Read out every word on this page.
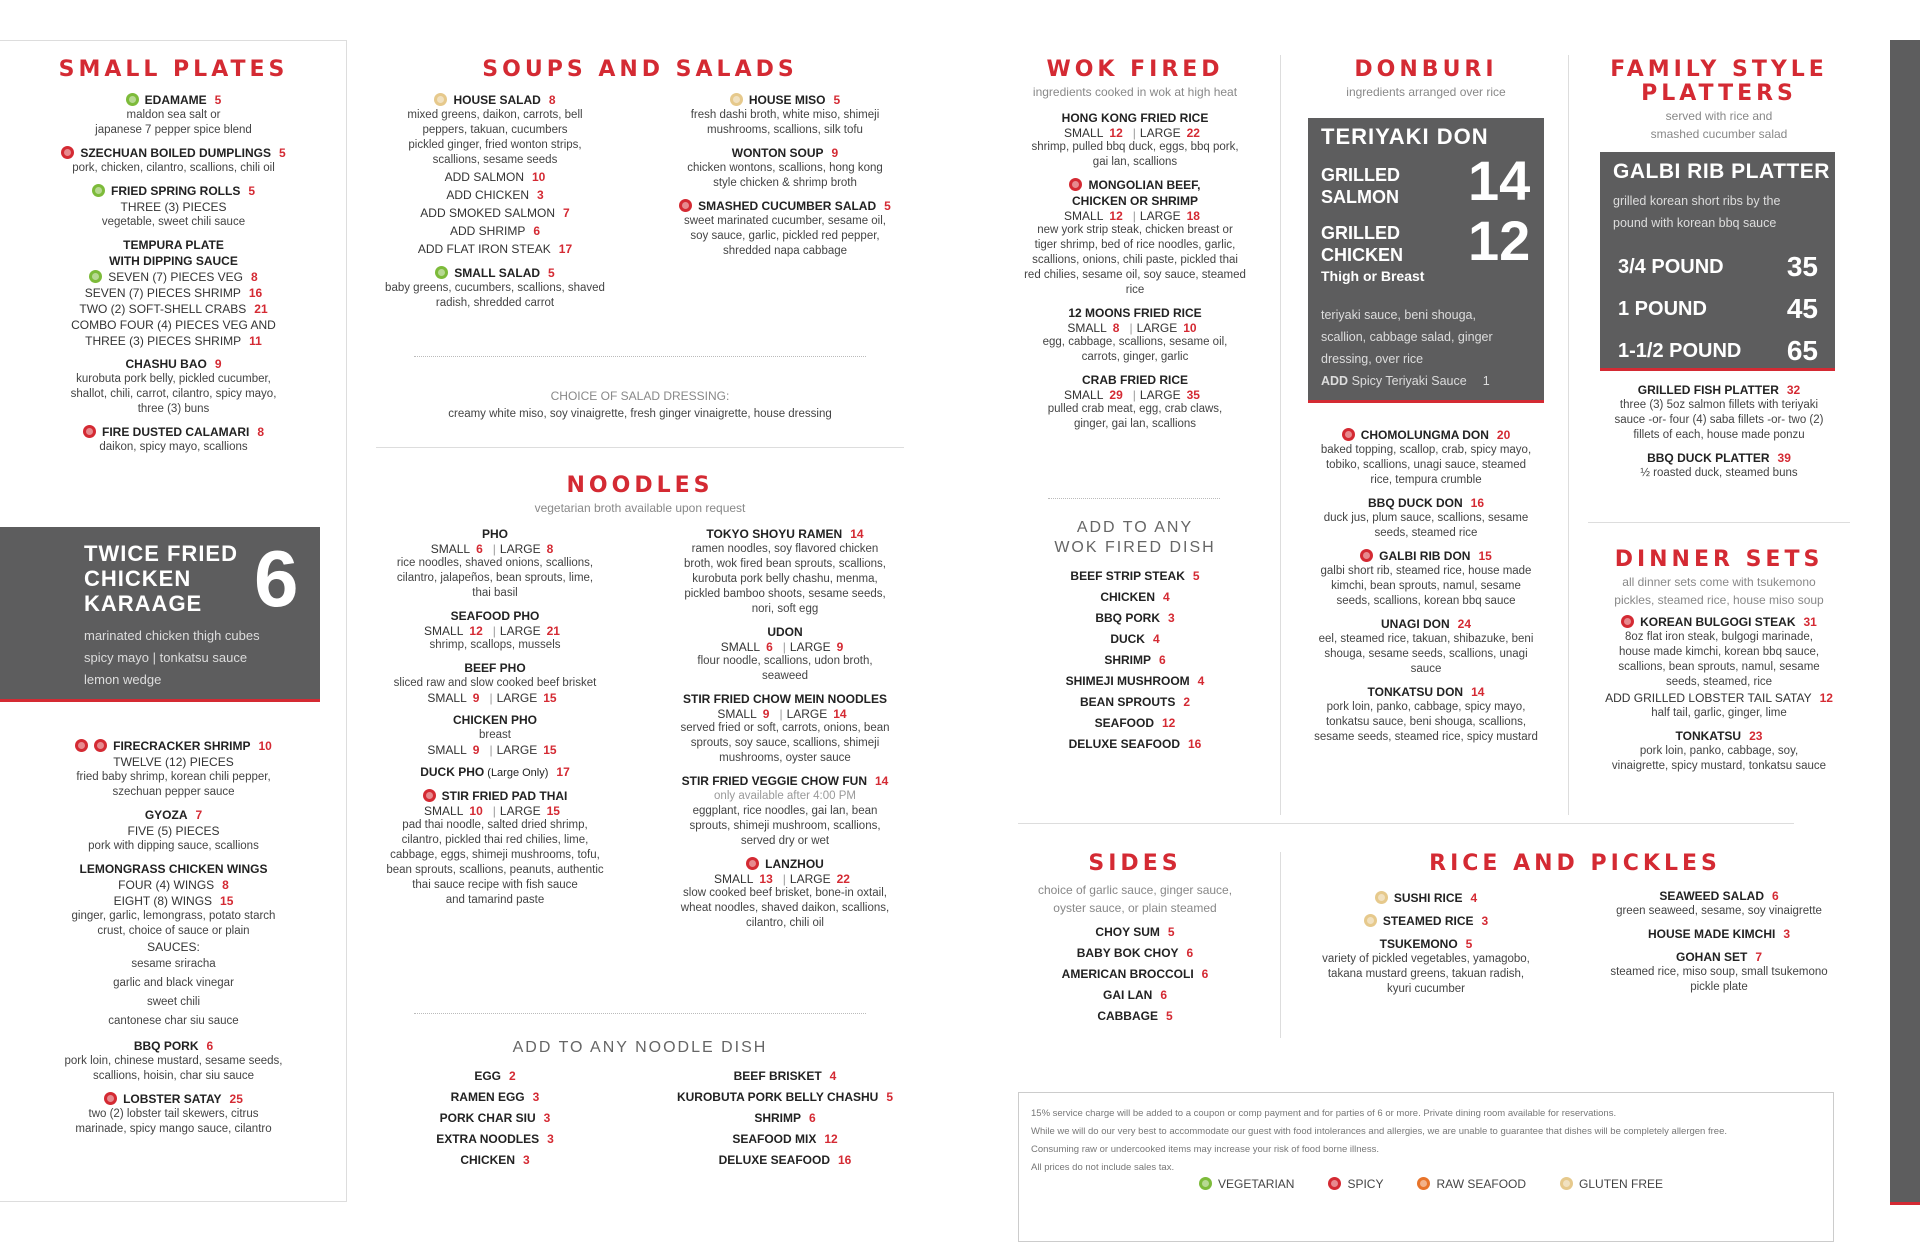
SMALL PLATES
EDAMAME 5
maldon sea salt or
japanese 7 pepper spice blend
SZECHUAN BOILED DUMPLINGS 5
pork, chicken, cilantro, scallions, chili oil
FRIED SPRING ROLLS 5
THREE (3) PIECES
vegetable, sweet chili sauce
TEMPURA PLATE
WITH DIPPING SAUCE
SEVEN (7) PIECES VEG 8
SEVEN (7) PIECES SHRIMP 16
TWO (2) SOFT-SHELL CRABS 21
COMBO FOUR (4) PIECES VEG AND
THREE (3) PIECES SHRIMP 11
CHASHU BAO 9
kurobuta pork belly, pickled cucumber,
shallot, chili, carrot, cilantro, spicy mayo,
three (3) buns
FIRE DUSTED CALAMARI 8
daikon, spicy mayo, scallions
TWICE FRIED
CHICKEN
KARAAGE 6
marinated chicken thigh cubes
spicy mayo | tonkatsu sauce
lemon wedge
FIRECRACKER SHRIMP 10
TWELVE (12) PIECES
fried baby shrimp, korean chili pepper,
szechuan pepper sauce
GYOZA 7
FIVE (5) PIECES
pork with dipping sauce, scallions
LEMONGRASS CHICKEN WINGS
FOUR (4) WINGS 8
EIGHT (8) WINGS 15
ginger, garlic, lemongrass, potato starch
crust, choice of sauce or plain
SAUCES:
sesame sriracha
garlic and black vinegar
sweet chili
cantonese char siu sauce
BBQ PORK 6
pork loin, chinese mustard, sesame seeds,
scallions, hoisin, char siu sauce
LOBSTER SATAY 25
two (2) lobster tail skewers, citrus
marinade, spicy mango sauce, cilantro
SOUPS AND SALADS
HOUSE SALAD 8
mixed greens, daikon, carrots, bell
peppers, takuan, cucumbers
pickled ginger, fried wonton strips,
scallions, sesame seeds
ADD SALMON 10
ADD CHICKEN 3
ADD SMOKED SALMON 7
ADD SHRIMP 6
ADD FLAT IRON STEAK 17
SMALL SALAD 5
baby greens, cucumbers, scallions, shaved
radish, shredded carrot
HOUSE MISO 5
fresh dashi broth, white miso, shimeji
mushrooms, scallions, silk tofu
WONTON SOUP 9
chicken wontons, scallions, hong kong
style chicken & shrimp broth
SMASHED CUCUMBER SALAD 5
sweet marinated cucumber, sesame oil,
soy sauce, garlic, pickled red pepper,
shredded napa cabbage
CHOICE OF SALAD DRESSING:
creamy white miso, soy vinaigrette, fresh ginger vinaigrette, house dressing
NOODLES
vegetarian broth available upon request
PHO
SMALL 6 | LARGE 8
rice noodles, shaved onions, scallions,
cilantro, jalapeños, bean sprouts, lime,
thai basil
SEAFOOD PHO
SMALL 12 | LARGE 21
shrimp, scallops, mussels
BEEF PHO
sliced raw and slow cooked beef brisket
SMALL 9 | LARGE 15
CHICKEN PHO
breast
SMALL 9 | LARGE 15
DUCK PHO (Large Only) 17
STIR FRIED PAD THAI
SMALL 10 | LARGE 15
pad thai noodle, salted dried shrimp,
cilantro, pickled thai red chilies, lime,
cabbage, eggs, shimeji mushrooms, tofu,
bean sprouts, scallions, peanuts, authentic
thai sauce recipe with fish sauce
and tamarind paste
TOKYO SHOYU RAMEN 14
ramen noodles, soy flavored chicken
broth, wok fired bean sprouts, scallions,
kurobuta pork belly chashu, menma,
pickled bamboo shoots, sesame seeds,
nori, soft egg
UDON
SMALL 6 | LARGE 9
flour noodle, scallions, udon broth,
seaweed
STIR FRIED CHOW MEIN NOODLES
SMALL 9 | LARGE 14
served fried or soft, carrots, onions, bean
sprouts, soy sauce, scallions, shimeji
mushrooms, oyster sauce
STIR FRIED VEGGIE CHOW FUN 14
only available after 4:00 PM
eggplant, rice noodles, gai lan, bean
sprouts, shimeji mushroom, scallions,
served dry or wet
LANZHOU
SMALL 13 | LARGE 22
slow cooked beef brisket, bone-in oxtail,
wheat noodles, shaved daikon, scallions,
cilantro, chili oil
ADD TO ANY NOODLE DISH
EGG 2
RAMEN EGG 3
PORK CHAR SIU 3
EXTRA NOODLES 3
CHICKEN 3
BEEF BRISKET 4
KUROBUTA PORK BELLY CHASHU 5
SHRIMP 6
SEAFOOD MIX 12
DELUXE SEAFOOD 16
WOK FIRED
ingredients cooked in wok at high heat
HONG KONG FRIED RICE
SMALL 12 | LARGE 22
shrimp, pulled bbq duck, eggs, bbq pork,
gai lan, scallions
MONGOLIAN BEEF,
CHICKEN OR SHRIMP
SMALL 12 | LARGE 18
new york strip steak, chicken breast or
tiger shrimp, bed of rice noodles, garlic,
scallions, onions, chili paste, pickled thai
red chilies, sesame oil, soy sauce, steamed
rice
12 MOONS FRIED RICE
SMALL 8 | LARGE 10
egg, cabbage, scallions, sesame oil,
carrots, ginger, garlic
CRAB FRIED RICE
SMALL 29 | LARGE 35
pulled crab meat, egg, crab claws,
ginger, gai lan, scallions
ADD TO ANY
WOK FIRED DISH
BEEF STRIP STEAK 5
CHICKEN 4
BBQ PORK 3
DUCK 4
SHRIMP 6
SHIMEJI MUSHROOM 4
BEAN SPROUTS 2
SEAFOOD 12
DELUXE SEAFOOD 16
DONBURI
ingredients arranged over rice
TERIYAKI DON
GRILLED
SALMON 14
GRILLED
CHICKEN
Thigh or Breast
12
teriyaki sauce, beni shouga,
scallion, cabbage salad, ginger
dressing, over rice
ADD Spicy Teriyaki Sauce 1
CHOMOLUNGMA DON 20
baked topping, scallop, crab, spicy mayo,
tobiko, scallions, unagi sauce, steamed
rice, tempura crumble
BBQ DUCK DON 16
duck jus, plum sauce, scallions, sesame
seeds, steamed rice
GALBI RIB DON 15
galbi short rib, steamed rice, house made
kimchi, bean sprouts, namul, sesame
seeds, scallions, korean bbq sauce
UNAGI DON 24
eel, steamed rice, takuan, shibazuke, beni
shouga, sesame seeds, scallions, unagi
sauce
TONKATSU DON 14
pork loin, panko, cabbage, spicy mayo,
tonkatsu sauce, beni shouga, scallions,
sesame seeds, steamed rice, spicy mustard
FAMILY STYLE
PLATTERS
served with rice and
smashed cucumber salad
GALBI RIB PLATTER
grilled korean short ribs by the
pound with korean bbq sauce
3/4 POUND 35
1 POUND	45
1-1/2 POUND 65
GRILLED FISH PLATTER 32
three (3) 5oz salmon fillets with teriyaki
sauce -or- four (4) saba fillets -or- two (2)
fillets of each, house made ponzu
BBQ DUCK PLATTER 39
½ roasted duck, steamed buns
DINNER SETS
all dinner sets come with tsukemono
pickles, steamed rice, house miso soup
KOREAN BULGOGI STEAK 31
8oz flat iron steak, bulgogi marinade,
house made kimchi, korean bbq sauce,
scallions, bean sprouts, namul, sesame
seeds, steamed, rice
ADD GRILLED LOBSTER TAIL SATAY 12
half tail, garlic, ginger, lime
TONKATSU 23
pork loin, panko, cabbage, soy,
vinaigrette, spicy mustard, tonkatsu sauce
SIDES
choice of garlic sauce, ginger sauce,
oyster sauce, or plain steamed
CHOY SUM 5
BABY BOK CHOY 6
AMERICAN BROCCOLI 6
GAI LAN 6
CABBAGE 5
RICE AND PICKLES
SUSHI RICE 4
STEAMED RICE 3
TSUKEMONO 5
variety of pickled vegetables, yamagobo,
takana mustard greens, takuan radish,
kyuri cucumber
SEAWEED SALAD 6
green seaweed, sesame, soy vinaigrette
HOUSE MADE KIMCHI 3
GOHAN SET 7
steamed rice, miso soup, small tsukemono
pickle plate
15% service charge will be added to a coupon or comp payment and for parties of 6 or more. Private dining room available for reservations.
While we will do our very best to accommodate our guest with food intolerances and allergies, we are unable to guarantee that dishes will be completely allergen free.
Consuming raw or undercooked items may increase your risk of food borne illness.
All prices do not include sales tax.
VEGETARIAN	SPICY	RAW SEAFOOD	GLUTEN FREE
